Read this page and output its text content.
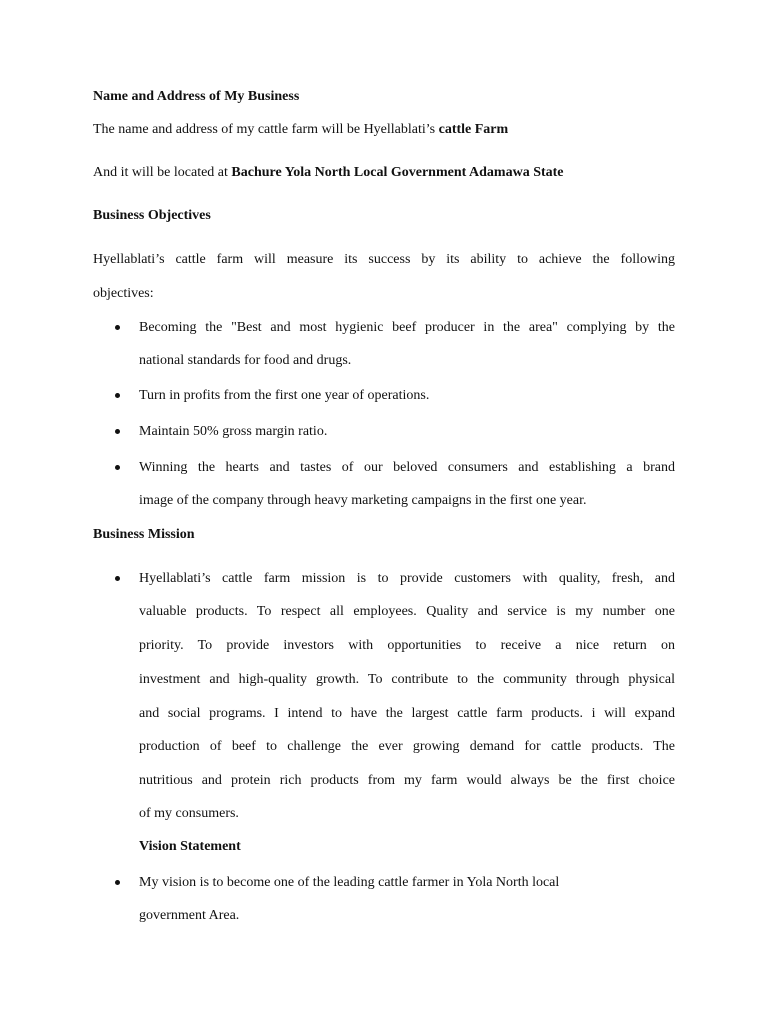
Name and Address of My Business
The name and address of my cattle farm will be Hyellablati’s cattle Farm
And it will be located at Bachure Yola North Local Government Adamawa State
Business Objectives
Hyellablati’s cattle farm will measure its success by its ability to achieve the following
objectives:
Becoming the "Best and most hygienic beef producer in the area" complying by the
national standards for food and drugs.
Turn in profits from the first one year of operations.
Maintain 50% gross margin ratio.
Winning the hearts and tastes of our beloved consumers and establishing a brand
image of the company through heavy marketing campaigns in the first one year.
Business Mission
Hyellablati’s cattle farm mission is to provide customers with quality, fresh, and
valuable products. To respect all employees. Quality and service is my number one
priority. To provide investors with opportunities to receive a nice return on
investment and high-quality growth. To contribute to the community through physical
and social programs. I intend to have the largest cattle farm products. i will expand
production of beef to challenge the ever growing demand for cattle products. The
nutritious and protein rich products from my farm would always be the first choice
of my consumers.
Vision Statement
My vision is to become one of the leading cattle farmer in Yola North local
government Area.
